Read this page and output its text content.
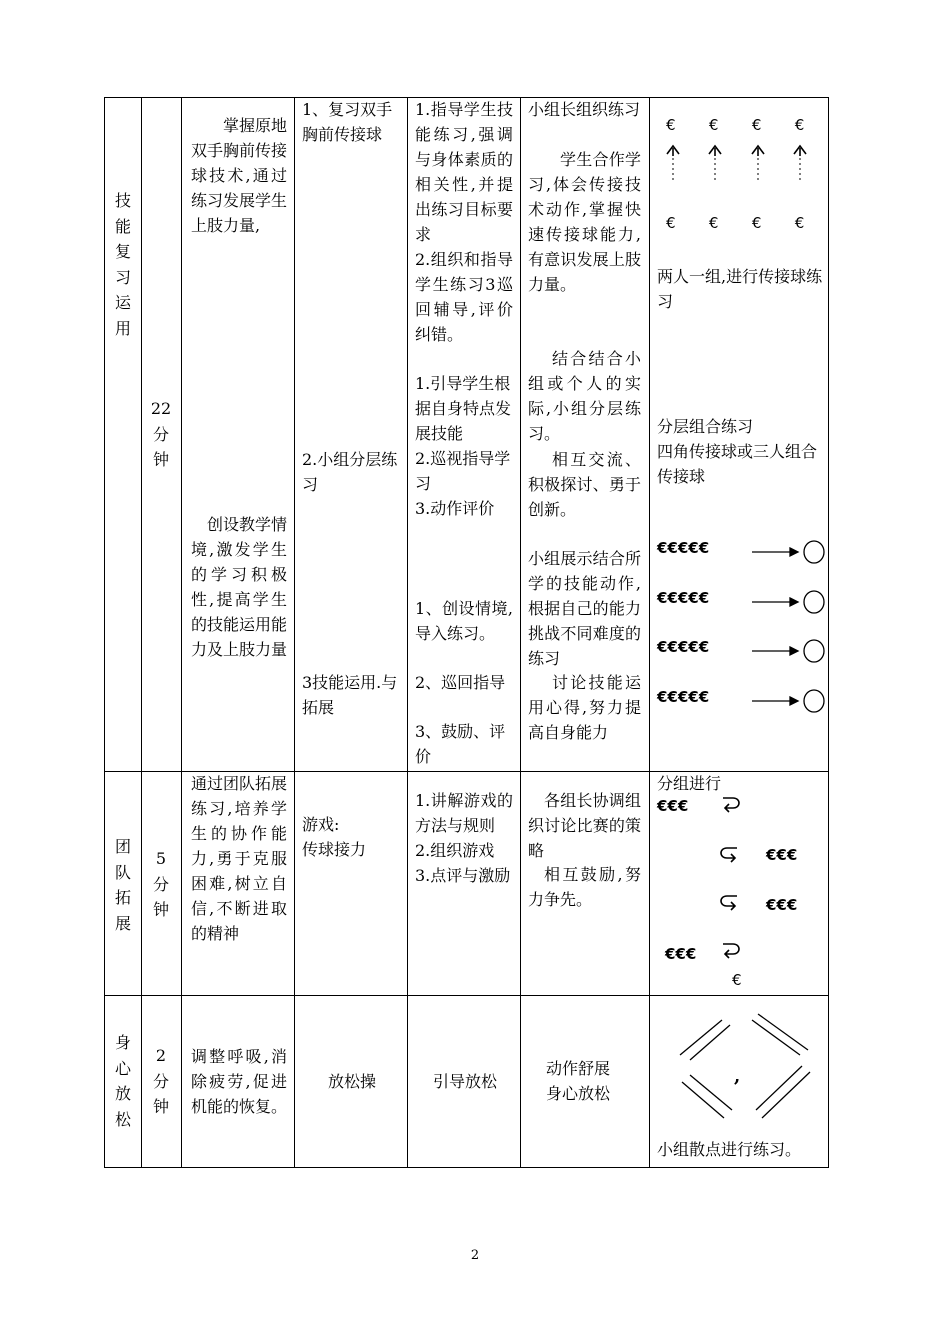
技能复习运用
22
分
钟
掌握原地双手胸前传接球技术,通过练习发展学生上肢力量,
创设教学情境,激发学生的学习积极性,提高学生的技能运用能力及上肢力量
1、复习双手胸前传接球
2.小组分层练习
3技能运用.与拓展
1.指导学生技能练习,强调与身体素质的相关性,并提出练习目标要求
2.组织和指导学生练习3巡回辅导,评价纠错。
1.引导学生根据自身特点发展技能
2.巡视指导学习
3.动作评价
1、创设情境,导入练习。
2、巡回指导
3、鼓励、评价
小组长组织练习
学生合作学习,体会传接技术动作,掌握快速传接球能力,有意识发展上肢力量。
结合结合小组或个人的实际,小组分层练习。
相互交流、积极探讨、勇于创新。
小组展示结合所学的技能动作,根据自己的能力挑战不同难度的练习
讨论技能运用心得,努力提高自身能力
€       €       €       €
€       €       €       €
两人一组,进行传接球练习
分层组合练习
四角传接球或三人组合传接球
€€€€€
€€€€€
€€€€€
€€€€€
团队拓展
5
分
钟
通过团队拓展练习,培养学生的协作能力,勇于克服困难,树立自信,不断进取的精神
游戏:
传球接力
1.讲解游戏的方法与规则
2.组织游戏
3.点评与激励
各组长协调组织讨论比赛的策略
相互鼓励,努力争先。
分组进行
€€€
€€€
€€€
€€€
€
身心放松
2
分
钟
调整呼吸,消除疲劳,促进机能的恢复。
放松操	引导放松
动作舒展
身心放松
,
小组散点进行练习。
2
